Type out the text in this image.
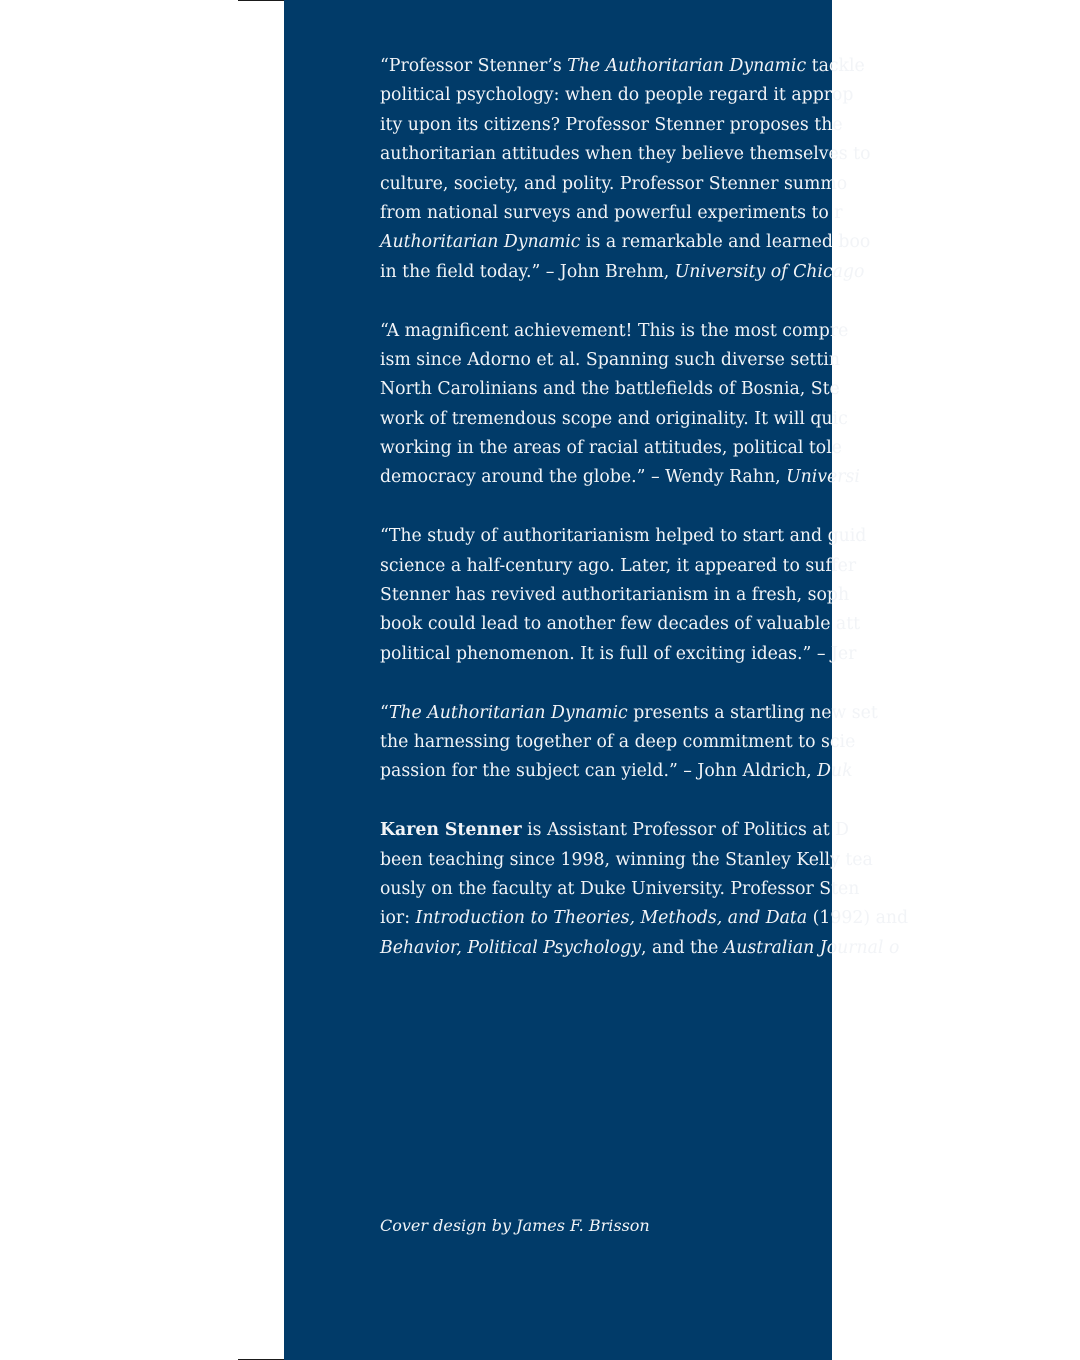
“Professor Stenner’s The Authoritarian Dynamic tackle
political psychology: when do people regard it approp
ity upon its citizens? Professor Stenner proposes the
authoritarian attitudes when they believe themselves to
culture, society, and polity. Professor Stenner summo
from national surveys and powerful experiments to r
Authoritarian Dynamic is a remarkable and learned boo
in the field today.” – John Brehm, University of Chicago
“A magnificent achievement! This is the most compre
ism since Adorno et al. Spanning such diverse settin
North Carolinians and the battlefields of Bosnia, Ste
work of tremendous scope and originality. It will quic
working in the areas of racial attitudes, political tole
democracy around the globe.” – Wendy Rahn, Universi
“The study of authoritarianism helped to start and guid
science a half-century ago. Later, it appeared to suffer
Stenner has revived authoritarianism in a fresh, soph
book could lead to another few decades of valuable att
political phenomenon. It is full of exciting ideas.” – Jer
“The Authoritarian Dynamic presents a startling new set
the harnessing together of a deep commitment to scie
passion for the subject can yield.” – John Aldrich, Duk
Karen Stenner is Assistant Professor of Politics at D
been teaching since 1998, winning the Stanley Kelly tea
ously on the faculty at Duke University. Professor Sten
ior: Introduction to Theories, Methods, and Data (1992) and
Behavior, Political Psychology, and the Australian Journal o
Cover design by James F. Brisson
